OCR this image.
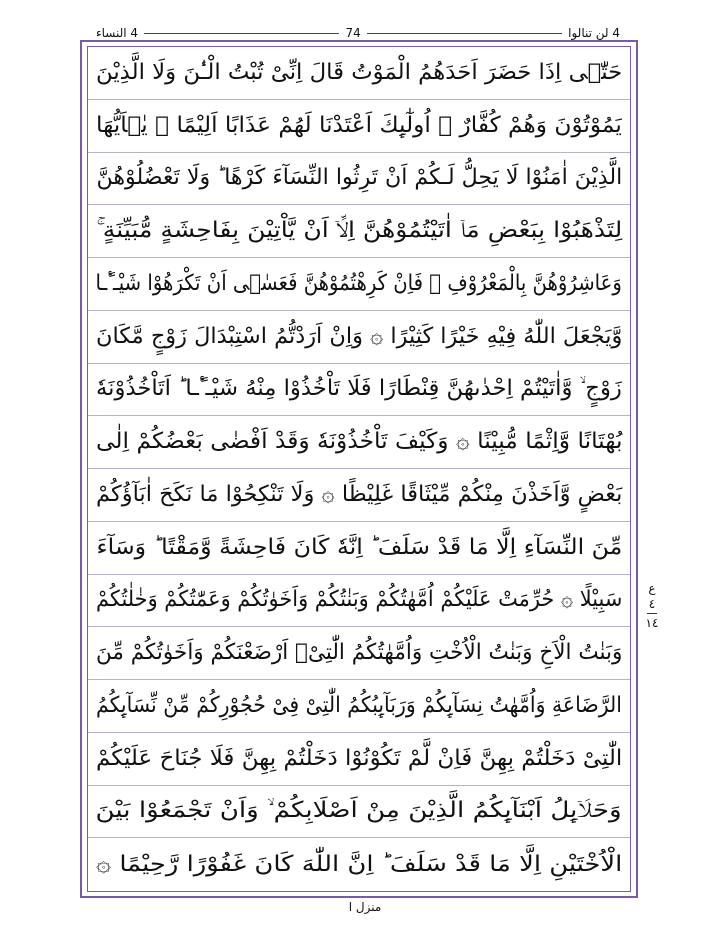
4 لن تنالوا
74
4 النساء
حَتّٰۤى اِذَا حَضَرَ اَحَدَهُمُ الْمَوْتُ قَالَ اِنِّىْ تُبْتُ الْـٰٔنَ وَلَا الَّذِيْنَ
يَمُوْتُوْنَ وَهُمْ كُفَّارٌ ۗ اُولٰٓٮِٕكَ اَعْتَدْنَا لَهُمْ عَذَابًا اَلِيْمًا ۞ يٰۤاَيُّهَا
الَّذِيْنَ اٰمَنُوْا لَا يَحِلُّ لَـكُمْ اَنْ تَرِثُوا النِّسَآءَ كَرْهًا ؕ وَلَا تَعْضُلُوْهُنَّ
لِتَذْهَبُوْا بِبَعْضِ مَاۤ اٰتَيْتُمُوْهُنَّ اِلَّاۤ اَنْ يَّاْتِيْنَ بِفَاحِشَةٍ مُّبَيِّنَةٍ ۚ
وَعَاشِرُوْهُنَّ بِالْمَعْرُوْفِ ۚ فَاِنْ كَرِهْتُمُوْهُنَّ فَعَسٰۤى اَنْ تَكْرَهُوْا شَيْـٴًـا
وَّيَجْعَلَ اللّٰهُ فِيْهِ خَيْرًا كَثِيْرًا ۞ وَاِنْ اَرَدْتُّمُ اسْتِبْدَالَ زَوْجٍ مَّكَانَ
زَوْجٍ ۙ وَّاٰتَيْتُمْ اِحْدٰٮهُنَّ قِنْطَارًا فَلَا تَاْخُذُوْا مِنْهُ شَيْـٴًـا ؕ اَتَاْخُذُوْنَهٗ
بُهْتَانًا وَّاِثْمًا مُّبِيْنًا ۞ وَكَيْفَ تَاْخُذُوْنَهٗ وَقَدْ اَفْضٰى بَعْضُكُمْ اِلٰى
بَعْضٍ وَّاَخَذْنَ مِنْكُمْ مِّيْثَاقًا غَلِيْظًا ۞ وَلَا تَنْكِحُوْا مَا نَكَحَ اٰبَآؤُكُمْ
مِّنَ النِّسَآءِ اِلَّا مَا قَدْ سَلَفَ ؕ اِنَّهٗ كَانَ فَاحِشَةً وَّمَقْتًا ؕ وَسَآءَ
سَبِيْلًا ۞ حُرِّمَتْ عَلَيْكُمْ اُمَّهٰتُكُمْ وَبَنٰتُكُمْ وَاَخَوٰتُكُمْ وَعَمّٰتُكُمْ وَخٰلٰتُكُمْ
وَبَنٰتُ الْاَخِ وَبَنٰتُ الْاُخْتِ وَاُمَّهٰتُكُمُ الّٰتِىْۤ اَرْضَعْنَكُمْ وَاَخَوٰتُكُمْ مِّنَ
الرَّضَاعَةِ وَاُمَّهٰتُ نِسَآٮِٕكُمْ وَرَبَآٮِٕبُكُمُ الّٰتِىْ فِىْ حُجُوْرِكُمْ مِّنْ نِّسَآٮِٕكُمُ
الّٰتِىْ دَخَلْتُمْ بِهِنَّ فَاِنْ لَّمْ تَكُوْنُوْا دَخَلْتُمْ بِهِنَّ فَلَا جُنَاحَ عَلَيْكُمْ
وَحَلَاۤٮِٕلُ اَبْنَآٮِٕكُمُ الَّذِيْنَ مِنْ اَصْلَابِكُمْ ۙ وَاَنْ تَجْمَعُوْا بَيْنَ
الْاُخْتَيْنِ اِلَّا مَا قَدْ سَلَفَ ؕ اِنَّ اللّٰهَ كَانَ غَفُوْرًا رَّحِيْمًا ۞
ع
٤
١٤
منزل ا
